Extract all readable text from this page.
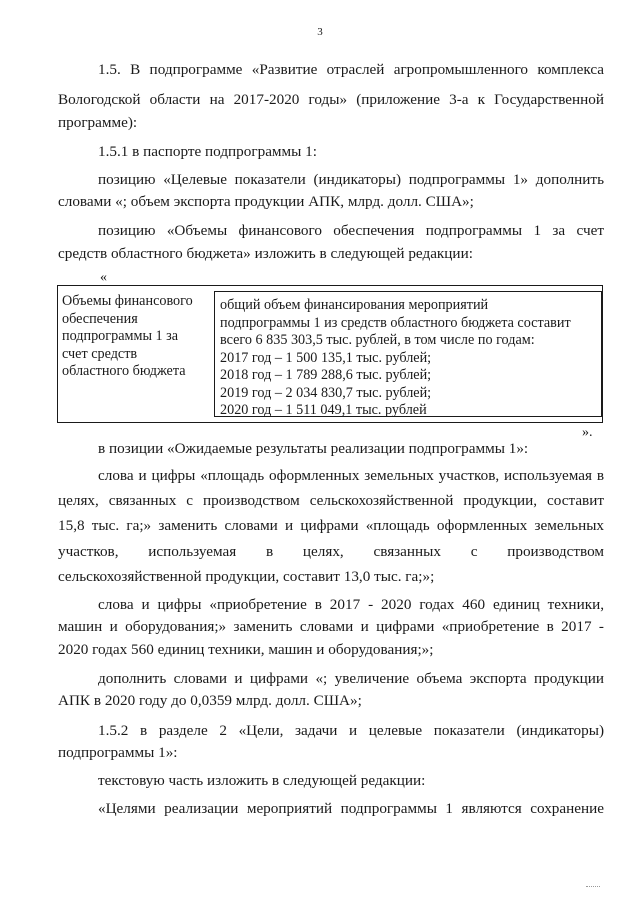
3
1.5. В подпрограмме «Развитие отраслей агропромышленного комплекса
Вологодской области на 2017-2020 годы» (приложение 3-а к Государственной
программе):
1.5.1 в паспорте подпрограммы 1:
позицию «Целевые показатели (индикаторы) подпрограммы 1» дополнить
словами «; объем экспорта продукции АПК, млрд. долл. США»;
позицию «Объемы финансового обеспечения подпрограммы 1 за счет
средств областного бюджета» изложить в следующей редакции:
«
Объемы финансового
обеспечения
подпрограммы 1 за
счет средств
областного бюджета
общий объем финансирования мероприятий
подпрограммы 1 из средств областного бюджета составит
всего 6 835 303,5 тыс. рублей, в том числе по годам:
2017 год – 1 500 135,1 тыс. рублей;
2018 год – 1 789 288,6 тыс. рублей;
2019 год – 2 034 830,7 тыс. рублей;
2020 год – 1 511 049,1 тыс. рублей
».
в позиции «Ожидаемые результаты реализации подпрограммы 1»:
слова и цифры «площадь оформленных земельных участков, используемая в
целях, связанных с производством сельскохозяйственной продукции, составит
15,8 тыс. га;» заменить словами и цифрами «площадь оформленных земельных
участков, используемая в целях, связанных с производством
сельскохозяйственной продукции, составит 13,0 тыс. га;»;
слова и цифры «приобретение в 2017 - 2020 годах 460 единиц техники,
машин и оборудования;» заменить словами и цифрами «приобретение в 2017 -
2020 годах 560 единиц техники, машин и оборудования;»;
дополнить словами и цифрами «; увеличение объема экспорта продукции
АПК в 2020 году до 0,0359 млрд. долл. США»;
1.5.2 в разделе 2 «Цели, задачи и целевые показатели (индикаторы)
подпрограммы 1»:
текстовую часть изложить в следующей редакции:
«Целями реализации мероприятий подпрограммы 1 являются сохранение
